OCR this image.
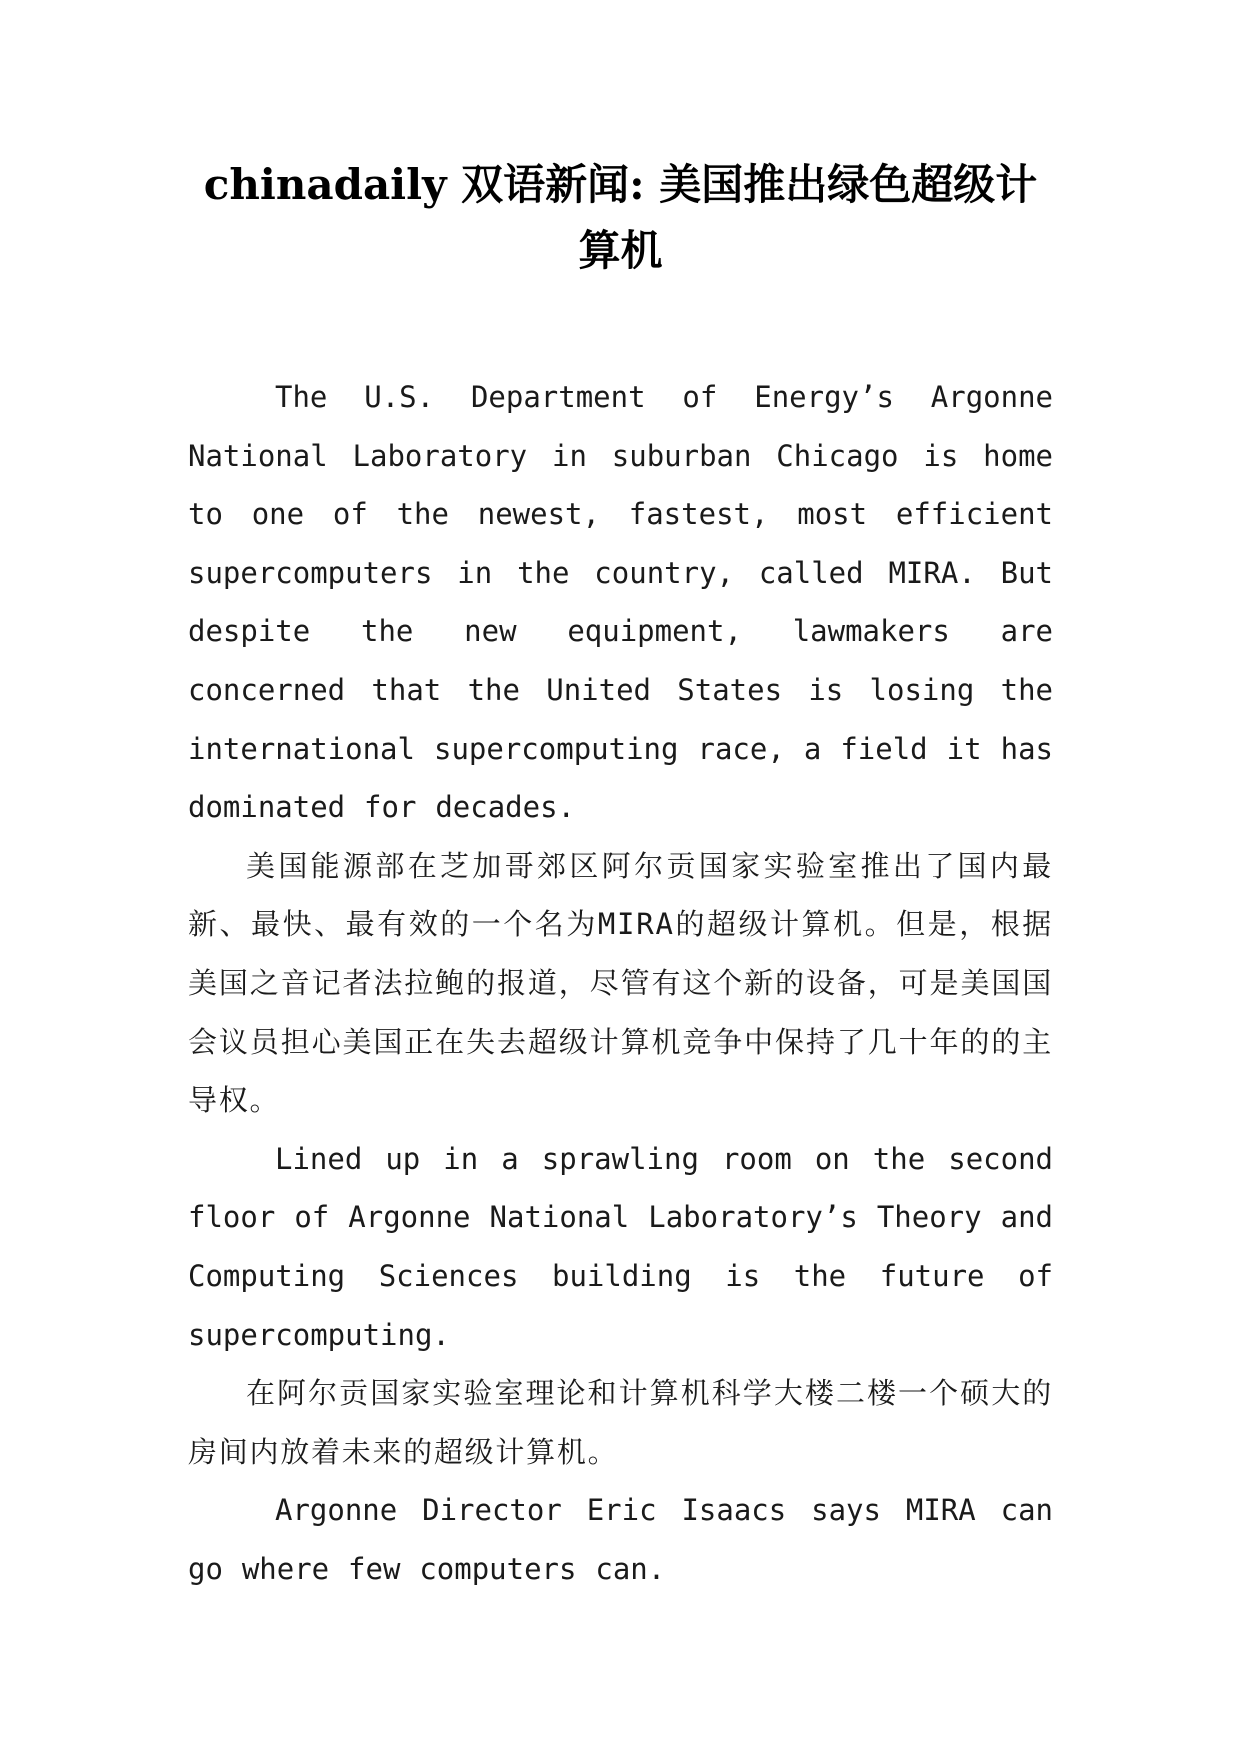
chinadaily 双语新闻: 美国推出绿色超级计算机

The U.S. Department of Energy’s Argonne National Laboratory in suburban Chicago is home to one of the newest, fastest, most efficient supercomputers in the country, called MIRA. But despite the new equipment, lawmakers are concerned that the United States is losing the international supercomputing race, a field it has dominated for decades.

美国能源部在芝加哥郊区阿尔贡国家实验室推出了国内最新、最快、最有效的一个名为MIRA的超级计算机。但是，根据美国之音记者法拉鲍的报道，尽管有这个新的设备，可是美国国会议员担心美国正在失去超级计算机竞争中保持了几十年的的主导权。

Lined up in a sprawling room on the second floor of Argonne National Laboratory’s Theory and Computing Sciences building is the future of supercomputing.

在阿尔贡国家实验室理论和计算机科学大楼二楼一个硕大的房间内放着未来的超级计算机。

Argonne Director Eric Isaacs says MIRA can go where few computers can.
